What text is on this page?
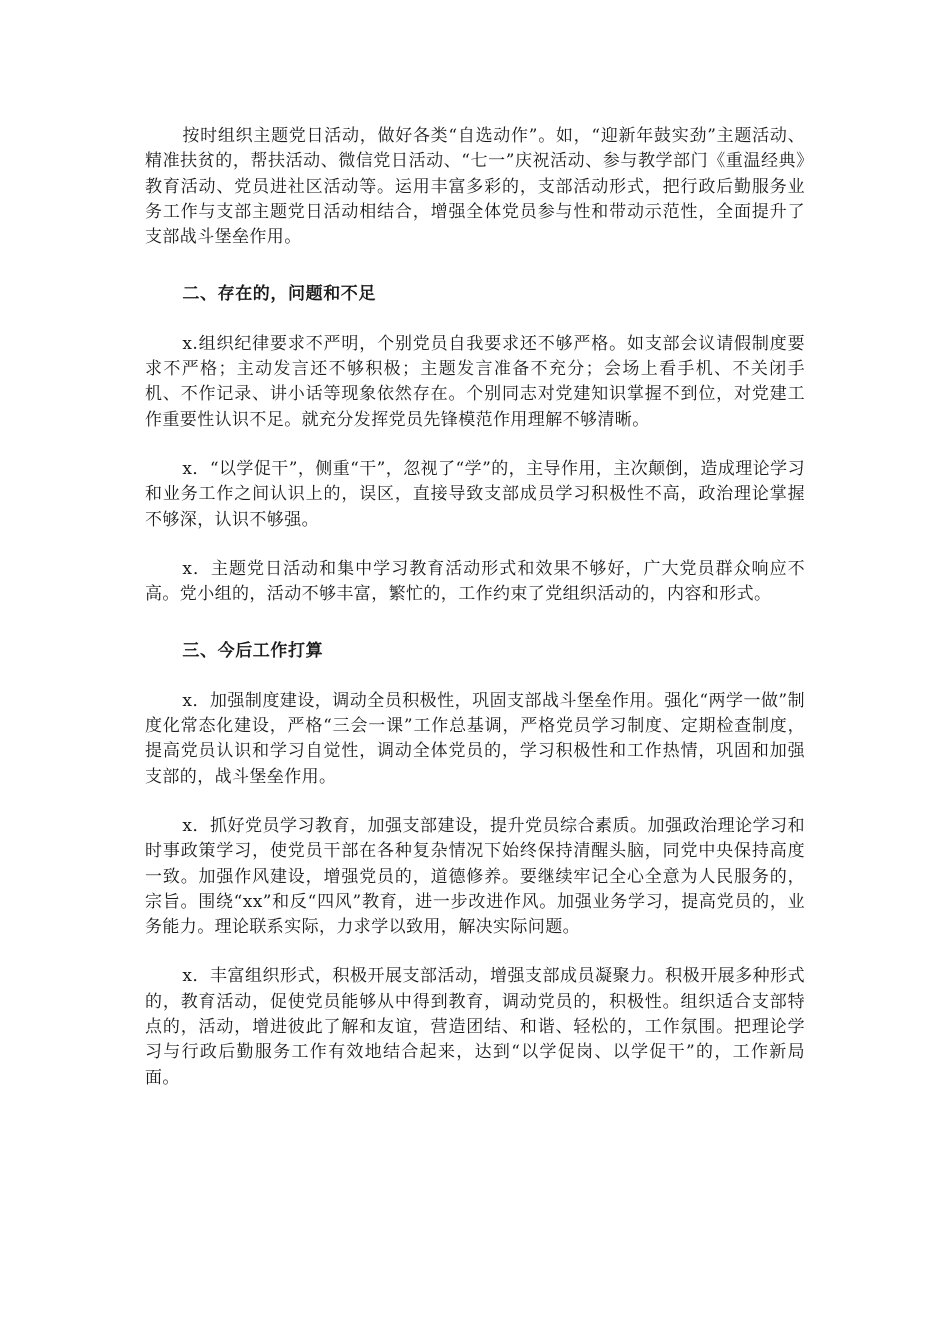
按时组织主题党日活动，做好各类“自选动作”。如，“迎新年鼓实劲”主题活动、精准扶贫的，帮扶活动、微信党日活动、“七一”庆祝活动、参与教学部门《重温经典》教育活动、党员进社区活动等。运用丰富多彩的，支部活动形式，把行政后勤服务业务工作与支部主题党日活动相结合，增强全体党员参与性和带动示范性，全面提升了支部战斗堡垒作用。

二、存在的，问题和不足

x.组织纪律要求不严明，个别党员自我要求还不够严格。如支部会议请假制度要求不严格；主动发言还不够积极；主题发言准备不充分；会场上看手机、不关闭手机、不作记录、讲小话等现象依然存在。个别同志对党建知识掌握不到位，对党建工作重要性认识不足。就充分发挥党员先锋模范作用理解不够清晰。

x．“以学促干”，侧重“干”，忽视了“学”的，主导作用，主次颠倒，造成理论学习和业务工作之间认识上的，误区，直接导致支部成员学习积极性不高，政治理论掌握不够深，认识不够强。

x．主题党日活动和集中学习教育活动形式和效果不够好，广大党员群众响应不高。党小组的，活动不够丰富，繁忙的，工作约束了党组织活动的，内容和形式。

三、今后工作打算

x．加强制度建设，调动全员积极性，巩固支部战斗堡垒作用。强化“两学一做”制度化常态化建设，严格“三会一课”工作总基调，严格党员学习制度、定期检查制度，提高党员认识和学习自觉性，调动全体党员的，学习积极性和工作热情，巩固和加强支部的，战斗堡垒作用。

x．抓好党员学习教育，加强支部建设，提升党员综合素质。加强政治理论学习和时事政策学习，使党员干部在各种复杂情况下始终保持清醒头脑，同党中央保持高度一致。加强作风建设，增强党员的，道德修养。要继续牢记全心全意为人民服务的，宗旨。围绕“xx”和反“四风”教育，进一步改进作风。加强业务学习，提高党员的，业务能力。理论联系实际，力求学以致用，解决实际问题。

x．丰富组织形式，积极开展支部活动，增强支部成员凝聚力。积极开展多种形式的，教育活动，促使党员能够从中得到教育，调动党员的，积极性。组织适合支部特点的，活动，增进彼此了解和友谊，营造团结、和谐、轻松的，工作氛围。把理论学习与行政后勤服务工作有效地结合起来，达到“以学促岗、以学促干”的，工作新局面。
